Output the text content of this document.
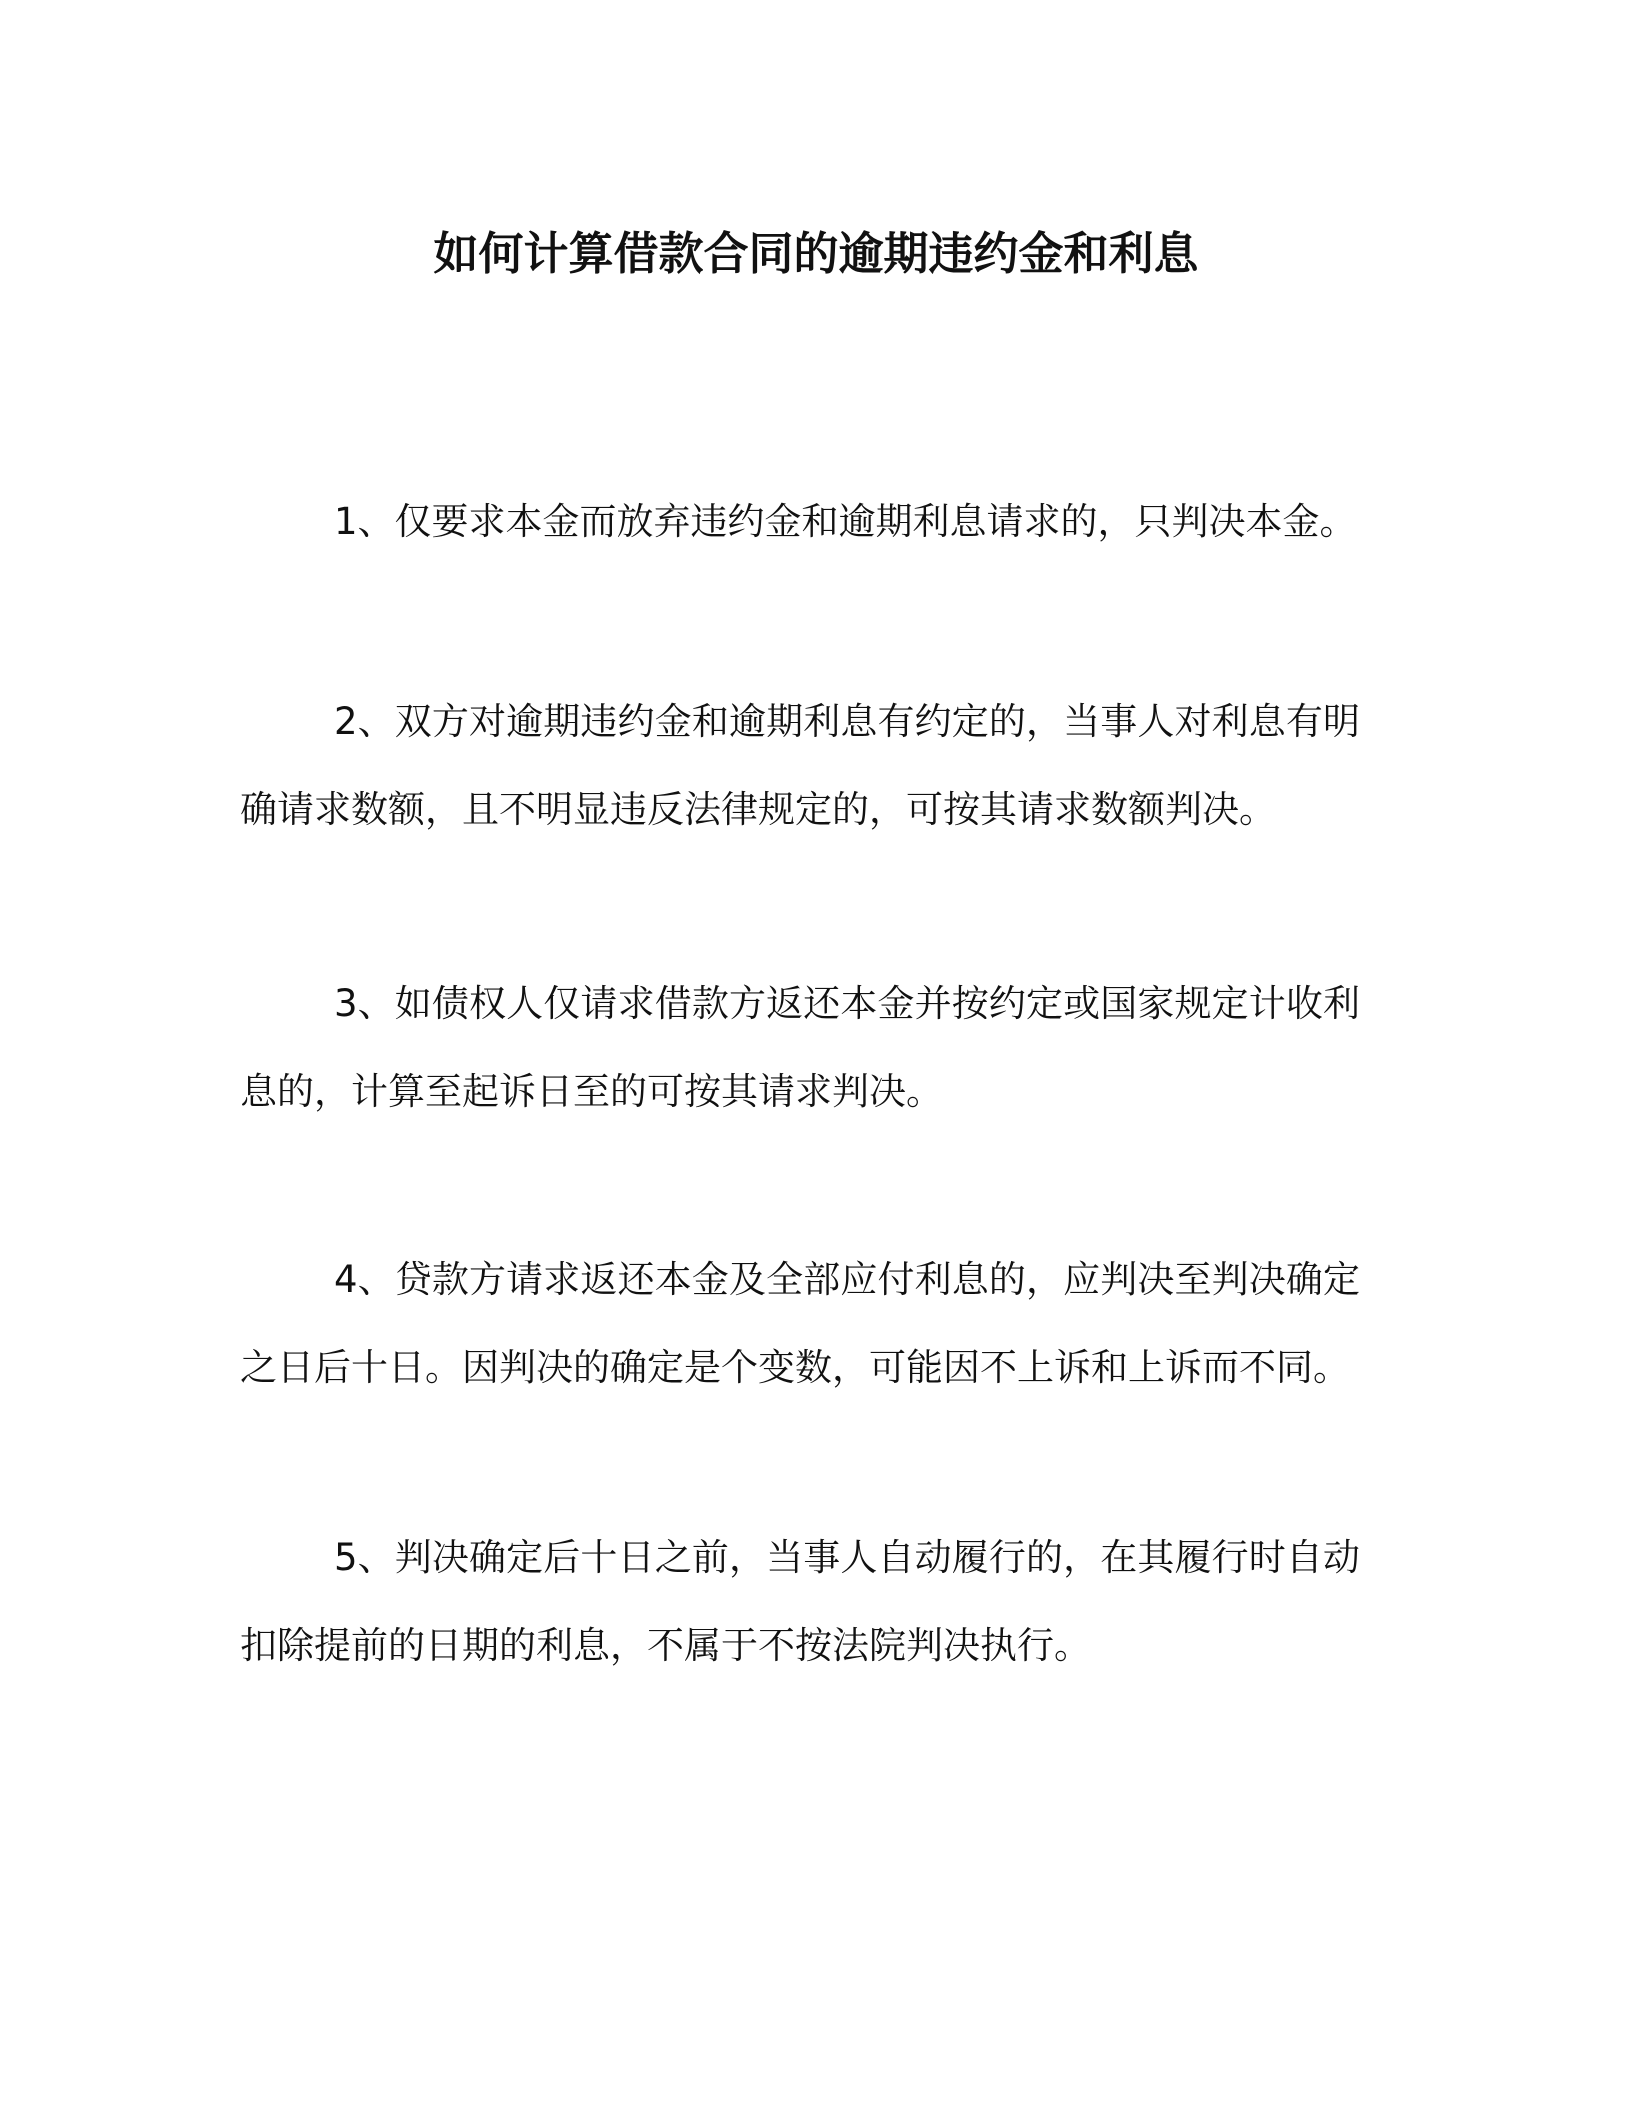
如何计算借款合同的逾期违约金和利息

1、仅要求本金而放弃违约金和逾期利息请求的，只判决本金。

2、双方对逾期违约金和逾期利息有约定的，当事人对利息有明确请求数额，且不明显违反法律规定的，可按其请求数额判决。

3、如债权人仅请求借款方返还本金并按约定或国家规定计收利息的，计算至起诉日至的可按其请求判决。

4、贷款方请求返还本金及全部应付利息的，应判决至判决确定之日后十日。因判决的确定是个变数，可能因不上诉和上诉而不同。

5、判决确定后十日之前，当事人自动履行的，在其履行时自动扣除提前的日期的利息，不属于不按法院判决执行。
